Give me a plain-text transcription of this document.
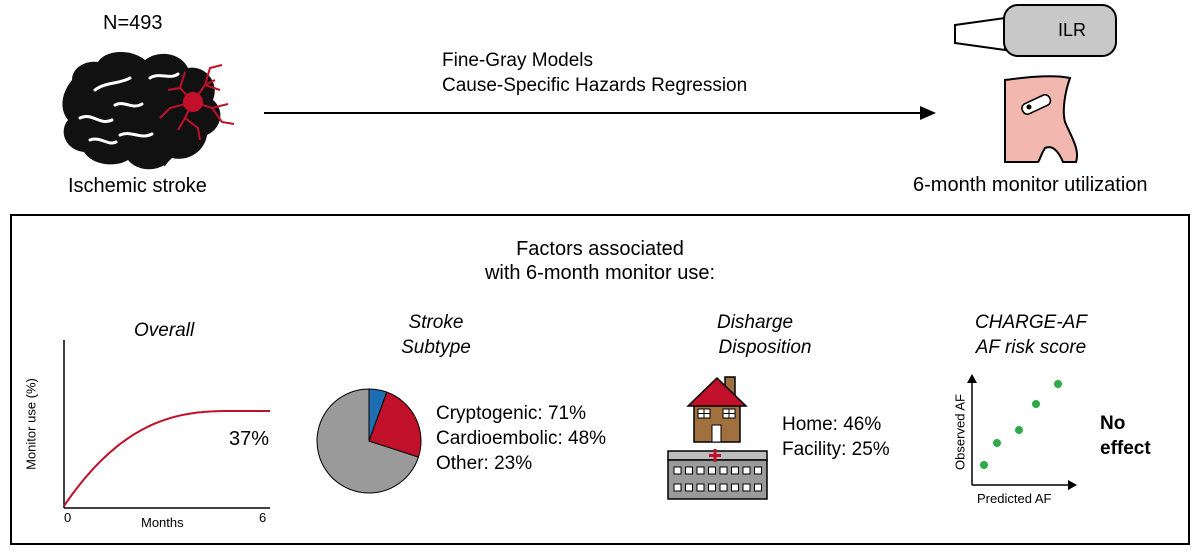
N=493
Ischemic stroke
Fine-Gray Models
Cause-Specific Hazards Regression
ILR
6-month monitor utilization
Factors associated
with 6-month monitor use:
Overall
Monitor use (%)
Months
0	6
37%
Stroke
Subtype
Cryptogenic: 71%
Cardioembolic: 48%
Other: 23%
Disharge
Disposition
Home: 46%
Facility: 25%
CHARGE-AF
AF risk score
Observed AF
Predicted AF
No
effect
